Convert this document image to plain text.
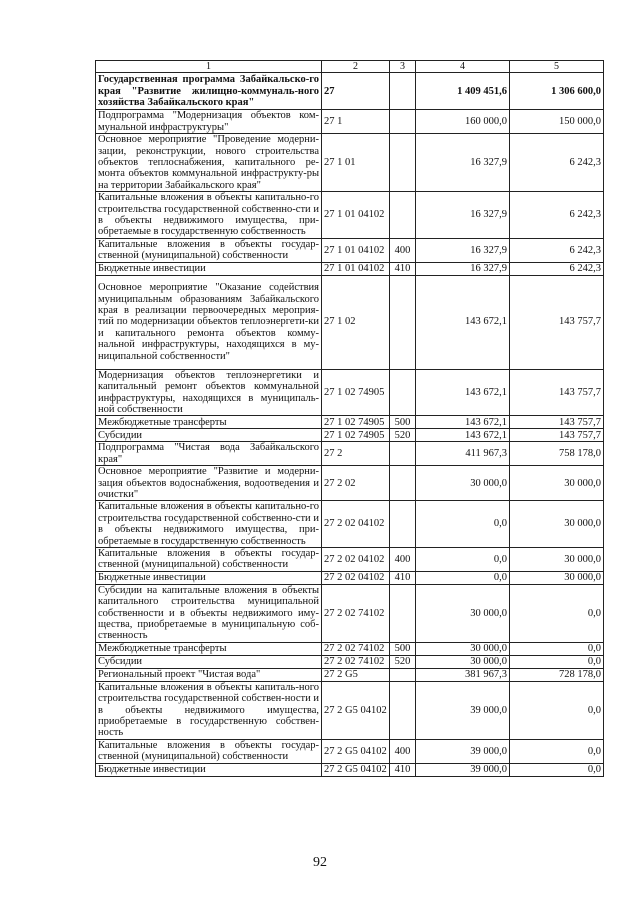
1	2	3	4	5
Государственная программа Забайкальско-го края "Развитие жилищно-коммуналь-ного хозяйства Забайкальского края"	27		1 409 451,6	1 306 600,0
Подпрограмма "Модернизация объектов ком-мунальной инфраструктуры"	27 1		160 000,0	150 000,0
Основное мероприятие "Проведение модерни-зации, реконструкции, нового строительства объектов теплоснабжения, капитального ре-монта объектов коммунальной инфраструкту-ры на территории Забайкальского края"	27 1 01		16 327,9	6 242,3
Капитальные вложения в объекты капитально-го строительства государственной собственно-сти и в объекты недвижимого имущества, при-обретаемые в государственную собственность	27 1 01 04102		16 327,9	6 242,3
Капитальные вложения в объекты государ-ственной (муниципальной) собственности	27 1 01 04102	400	16 327,9	6 242,3
Бюджетные инвестиции	27 1 01 04102	410	16 327,9	6 242,3
Основное мероприятие "Оказание содействия муниципальным образованиям Забайкальского края в реализации первоочередных мероприя-тий по модернизации объектов теплоэнергети-ки и капитального ремонта объектов комму-нальной инфраструктуры, находящихся в му-ниципальной собственности"	27 1 02		143 672,1	143 757,7
Модернизация объектов теплоэнергетики и капитальный ремонт объектов коммунальной инфраструктуры, находящихся в муниципаль-ной собственности	27 1 02 74905		143 672,1	143 757,7
Межбюджетные трансферты	27 1 02 74905	500	143 672,1	143 757,7
Субсидии	27 1 02 74905	520	143 672,1	143 757,7
Подпрограмма "Чистая вода Забайкальского края"	27 2		411 967,3	758 178,0
Основное мероприятие "Развитие и модерни-зация объектов водоснабжения, водоотведения и очистки"	27 2 02		30 000,0	30 000,0
Капитальные вложения в объекты капитально-го строительства государственной собственно-сти и в объекты недвижимого имущества, при-обретаемые в государственную собственность	27 2 02 04102		0,0	30 000,0
Капитальные вложения в объекты государ-ственной (муниципальной) собственности	27 2 02 04102	400	0,0	30 000,0
Бюджетные инвестиции	27 2 02 04102	410	0,0	30 000,0
Субсидии на капитальные вложения в объекты капитального строительства муниципальной собственности и в объекты недвижимого иму-щества, приобретаемые в муниципальную соб-ственность	27 2 02 74102		30 000,0	0,0
Межбюджетные трансферты	27 2 02 74102	500	30 000,0	0,0
Субсидии	27 2 02 74102	520	30 000,0	0,0
Региональный проект "Чистая вода"	27 2 G5		381 967,3	728 178,0
Капитальные вложения в объекты капиталь-ного строительства государственной собствен-ности и в объекты недвижимого имущества, приобретаемые в государственную собствен-ность	27 2 G5 04102		39 000,0	0,0
Капитальные вложения в объекты государ-ственной (муниципальной) собственности	27 2 G5 04102	400	39 000,0	0,0
Бюджетные инвестиции	27 2 G5 04102	410	39 000,0	0,0
92
